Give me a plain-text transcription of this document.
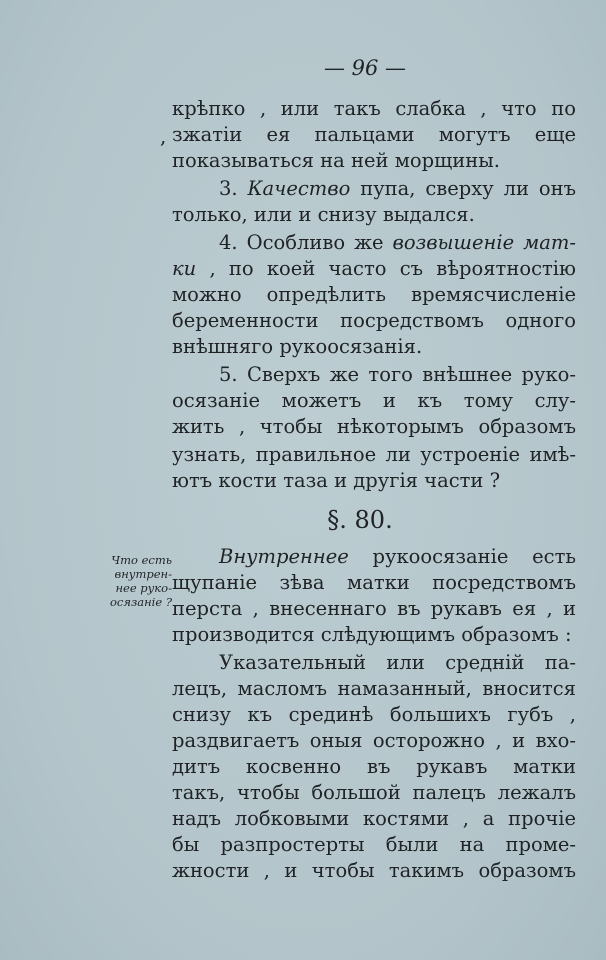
— 96 —
,
крѣпко , или такъ слабка , что по
зжатіи ея пальцами могутъ еще
показываться на ней морщины.
3. Качество пупа, сверху ли онъ
только, или и снизу выдался.
4. Особливо же возвышеніе мат-
ки , по коей часто съ вѣроятностію
можно опредѣлить времясчисленіе
беременности посредствомъ одного
внѣшняго рукоосязанія.
5. Сверхъ же того внѣшнее руко-
осязаніе можетъ и къ тому слу-
жить , чтобы нѣкоторымъ образомъ
узнать, правильное ли устроеніе имѣ-
ютъ кости таза и другія части ?
§. 80.
Что есть
внутрен-
нее руко-
осязаніе ?
Внутреннее рукоосязаніе есть
щупаніе зѣва матки посредствомъ
перста , внесеннаго въ рукавъ ея , и
производится слѣдующимъ образомъ :
Указательный или средній па-
лецъ, масломъ намазанный, вносится
снизу къ срединѣ большихъ губъ ,
раздвигаетъ оныя осторожно , и вхо-
дитъ косвенно въ рукавъ матки
такъ, чтобы большой палецъ лежалъ
надъ лобковыми костями , а прочіе
бы разпростерты были на проме-
жности , и чтобы такимъ образомъ
